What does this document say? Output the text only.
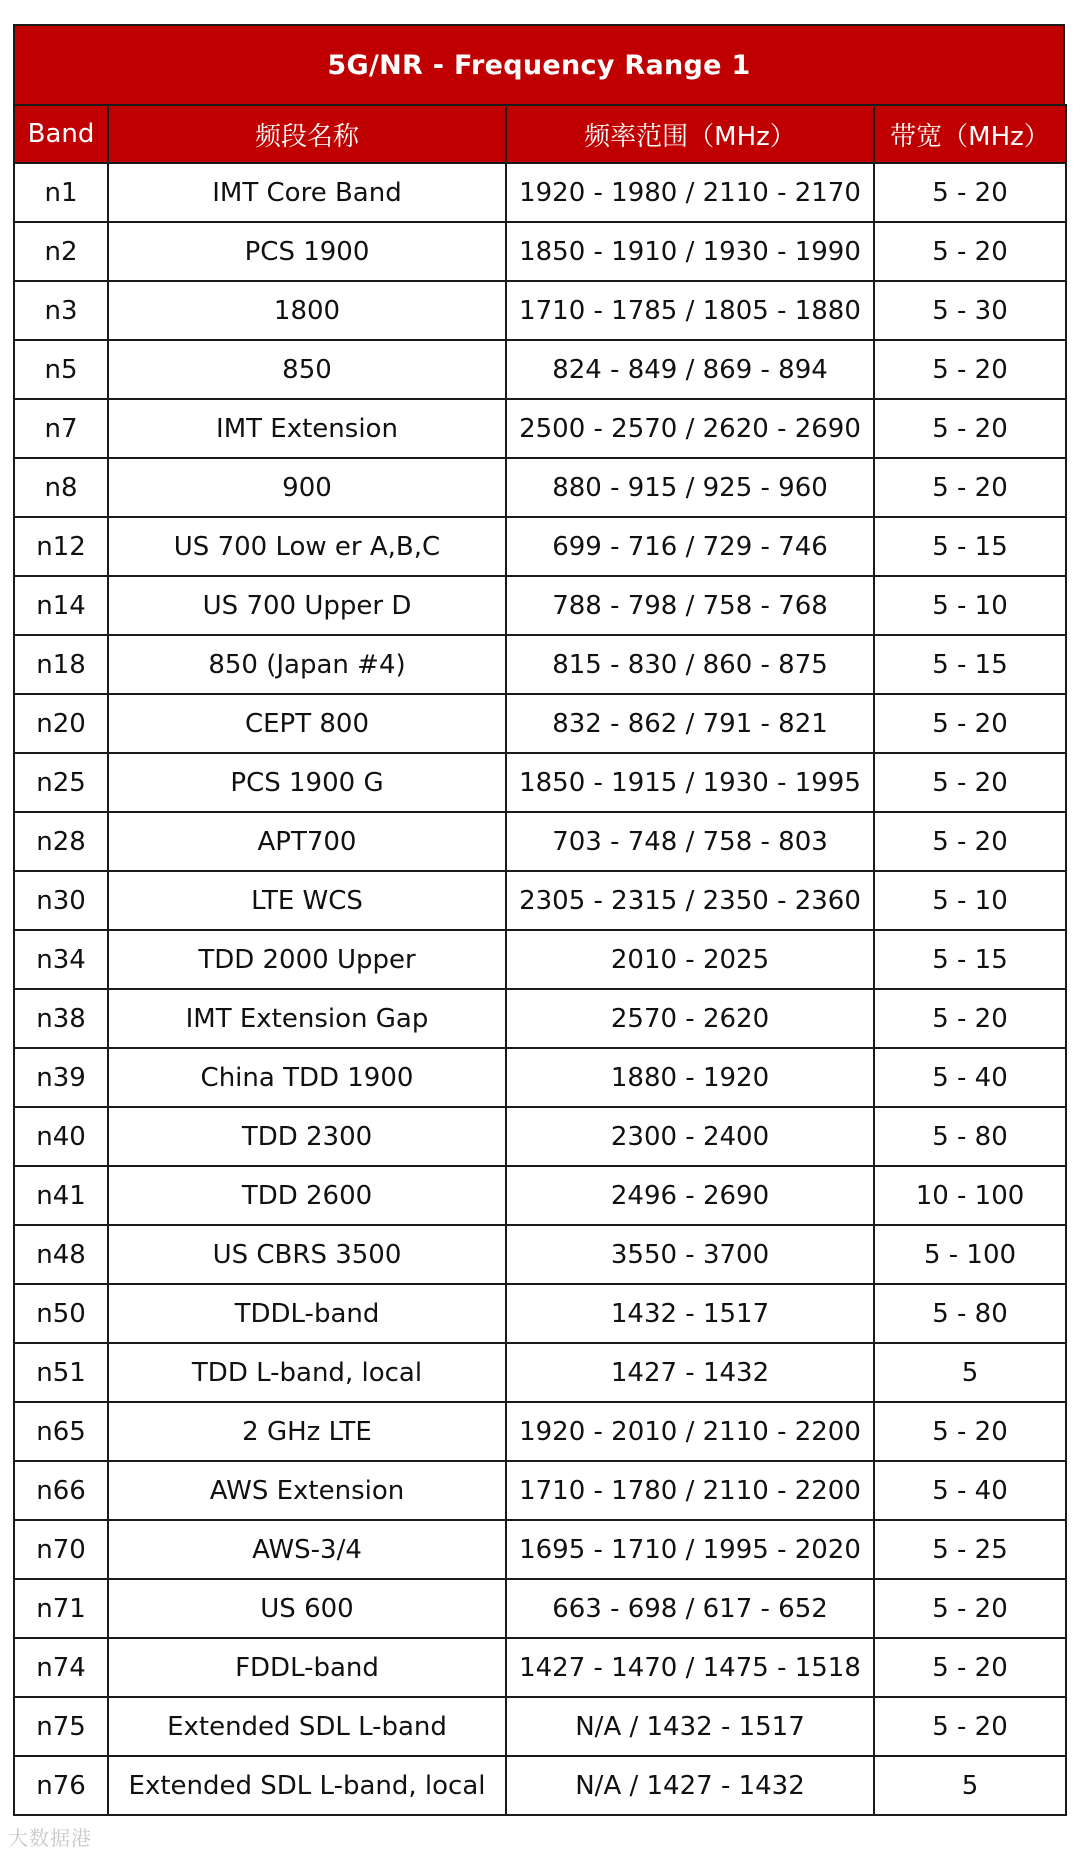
5G/NR - Frequency Range 1
Band	频段名称	频率范围（MHz）	带宽（MHz）
n1	IMT Core Band	1920 - 1980 / 2110 - 2170	5 - 20
n2	PCS 1900	1850 - 1910 / 1930 - 1990	5 - 20
n3	1800	1710 - 1785 / 1805 - 1880	5 - 30
n5	850	824 - 849 / 869 - 894	5 - 20
n7	IMT Extension	2500 - 2570 / 2620 - 2690	5 - 20
n8	900	880 - 915 / 925 - 960	5 - 20
n12	US 700 Low er A,B,C	699 - 716 / 729 - 746	5 - 15
n14	US 700 Upper D	788 - 798 / 758 - 768	5 - 10
n18	850 (Japan #4)	815 - 830 / 860 - 875	5 - 15
n20	CEPT 800	832 - 862 / 791 - 821	5 - 20
n25	PCS 1900 G	1850 - 1915 / 1930 - 1995	5 - 20
n28	APT700	703 - 748 / 758 - 803	5 - 20
n30	LTE WCS	2305 - 2315 / 2350 - 2360	5 - 10
n34	TDD 2000 Upper	2010 - 2025	5 - 15
n38	IMT Extension Gap	2570 - 2620	5 - 20
n39	China TDD 1900	1880 - 1920	5 - 40
n40	TDD 2300	2300 - 2400	5 - 80
n41	TDD 2600	2496 - 2690	10 - 100
n48	US CBRS 3500	3550 - 3700	5 - 100
n50	TDDL-band	1432 - 1517	5 - 80
n51	TDD L-band, local	1427 - 1432	5
n65	2 GHz LTE	1920 - 2010 / 2110 - 2200	5 - 20
n66	AWS Extension	1710 - 1780 / 2110 - 2200	5 - 40
n70	AWS-3/4	1695 - 1710 / 1995 - 2020	5 - 25
n71	US 600	663 - 698 / 617 - 652	5 - 20
n74	FDDL-band	1427 - 1470 / 1475 - 1518	5 - 20
n75	Extended SDL L-band	N/A / 1432 - 1517	5 - 20
n76	Extended SDL L-band, local	N/A / 1427 - 1432	5
大数据港
